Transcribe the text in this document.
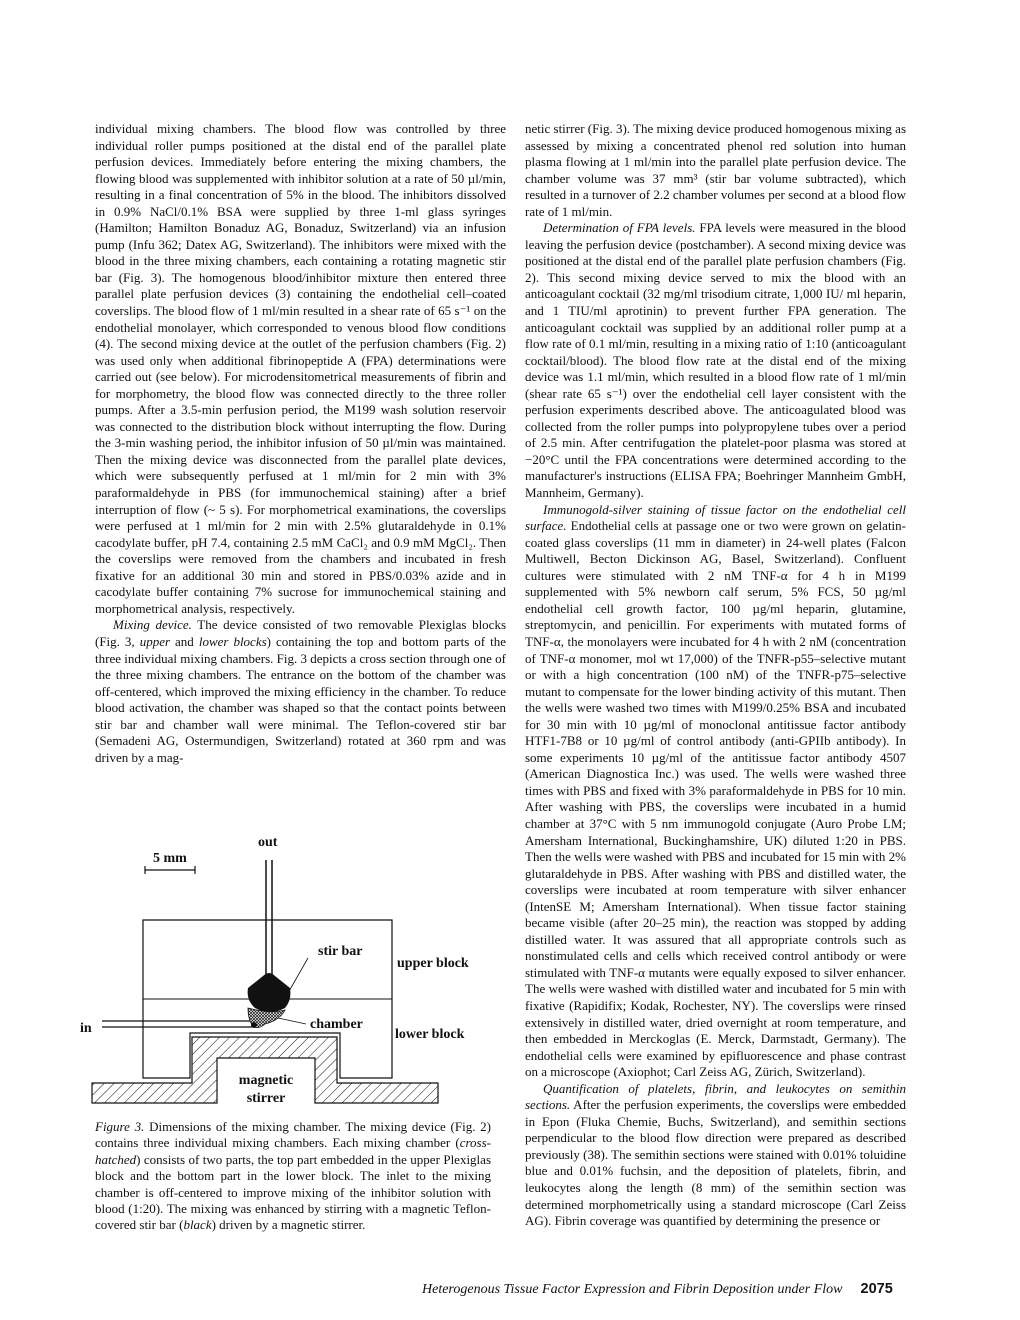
individual mixing chambers. The blood flow was controlled by three individual roller pumps positioned at the distal end of the parallel plate perfusion devices. Immediately before entering the mixing chambers, the flowing blood was supplemented with inhibitor solution at a rate of 50 µl/min, resulting in a final concentration of 5% in the blood. The inhibitors dissolved in 0.9% NaCl/0.1% BSA were supplied by three 1-ml glass syringes (Hamilton; Hamilton Bonaduz AG, Bonaduz, Switzerland) via an infusion pump (Infu 362; Datex AG, Switzerland). The inhibitors were mixed with the blood in the three mixing chambers, each containing a rotating magnetic stir bar (Fig. 3). The homogenous blood/inhibitor mixture then entered three parallel plate perfusion devices (3) containing the endothelial cell–coated coverslips. The blood flow of 1 ml/min resulted in a shear rate of 65 s⁻¹ on the endothelial monolayer, which corresponded to venous blood flow conditions (4). The second mixing device at the outlet of the perfusion chambers (Fig. 2) was used only when additional fibrinopeptide A (FPA) determinations were carried out (see below). For microdensitometrical measurements of fibrin and for morphometry, the blood flow was connected directly to the three roller pumps. After a 3.5-min perfusion period, the M199 wash solution reservoir was connected to the distribution block without interrupting the flow. During the 3-min washing period, the inhibitor infusion of 50 µl/min was maintained. Then the mixing device was disconnected from the parallel plate devices, which were subsequently perfused at 1 ml/min for 2 min with 3% paraformaldehyde in PBS (for immunochemical staining) after a brief interruption of flow (~ 5 s). For morphometrical examinations, the coverslips were perfused at 1 ml/min for 2 min with 2.5% glutaraldehyde in 0.1% cacodylate buffer, pH 7.4, containing 2.5 mM CaCl₂ and 0.9 mM MgCl₂. Then the coverslips were removed from the chambers and incubated in fresh fixative for an additional 30 min and stored in PBS/0.03% azide and in cacodylate buffer containing 7% sucrose for immunochemical staining and morphometrical analysis, respectively.

Mixing device. The device consisted of two removable Plexiglas blocks (Fig. 3, upper and lower blocks) containing the top and bottom parts of the three individual mixing chambers. Fig. 3 depicts a cross section through one of the three mixing chambers. The entrance on the bottom of the chamber was off-centered, which improved the mixing efficiency in the chamber. To reduce blood activation, the chamber was shaped so that the contact points between stir bar and chamber wall were minimal. The Teflon-covered stir bar (Semadeni AG, Ostermundigen, Switzerland) rotated at 360 rpm and was driven by a mag-

5 mm
out
in
stir bar
upper block
chamber
lower block
magnetic
stirrer
Figure 3. Dimensions of the mixing chamber. The mixing device (Fig. 2) contains three individual mixing chambers. Each mixing chamber (cross-hatched) consists of two parts, the top part embedded in the upper Plexiglas block and the bottom part in the lower block. The inlet to the mixing chamber is off-centered to improve mixing of the inhibitor solution with blood (1:20). The mixing was enhanced by stirring with a magnetic Teflon-covered stir bar (black) driven by a magnetic stirrer.

netic stirrer (Fig. 3). The mixing device produced homogenous mixing as assessed by mixing a concentrated phenol red solution into human plasma flowing at 1 ml/min into the parallel plate perfusion device. The chamber volume was 37 mm³ (stir bar volume subtracted), which resulted in a turnover of 2.2 chamber volumes per second at a blood flow rate of 1 ml/min.

Determination of FPA levels. FPA levels were measured in the blood leaving the perfusion device (postchamber). A second mixing device was positioned at the distal end of the parallel plate perfusion chambers (Fig. 2). This second mixing device served to mix the blood with an anticoagulant cocktail (32 mg/ml trisodium citrate, 1,000 IU/ ml heparin, and 1 TIU/ml aprotinin) to prevent further FPA generation. The anticoagulant cocktail was supplied by an additional roller pump at a flow rate of 0.1 ml/min, resulting in a mixing ratio of 1:10 (anticoagulant cocktail/blood). The blood flow rate at the distal end of the mixing device was 1.1 ml/min, which resulted in a blood flow rate of 1 ml/min (shear rate 65 s⁻¹) over the endothelial cell layer consistent with the perfusion experiments described above. The anticoagulated blood was collected from the roller pumps into polypropylene tubes over a period of 2.5 min. After centrifugation the platelet-poor plasma was stored at −20°C until the FPA concentrations were determined according to the manufacturer's instructions (ELISA FPA; Boehringer Mannheim GmbH, Mannheim, Germany).

Immunogold-silver staining of tissue factor on the endothelial cell surface. Endothelial cells at passage one or two were grown on gelatin-coated glass coverslips (11 mm in diameter) in 24-well plates (Falcon Multiwell, Becton Dickinson AG, Basel, Switzerland). Confluent cultures were stimulated with 2 nM TNF-α for 4 h in M199 supplemented with 5% newborn calf serum, 5% FCS, 50 µg/ml endothelial cell growth factor, 100 µg/ml heparin, glutamine, streptomycin, and penicillin. For experiments with mutated forms of TNF-α, the monolayers were incubated for 4 h with 2 nM (concentration of TNF-α monomer, mol wt 17,000) of the TNFR-p55–selective mutant or with a high concentration (100 nM) of the TNFR-p75–selective mutant to compensate for the lower binding activity of this mutant. Then the wells were washed two times with M199/0.25% BSA and incubated for 30 min with 10 µg/ml of monoclonal antitissue factor antibody HTF1-7B8 or 10 µg/ml of control antibody (anti-GPIIb antibody). In some experiments 10 µg/ml of the antitissue factor antibody 4507 (American Diagnostica Inc.) was used. The wells were washed three times with PBS and fixed with 3% paraformaldehyde in PBS for 10 min. After washing with PBS, the coverslips were incubated in a humid chamber at 37°C with 5 nm immunogold conjugate (Auro Probe LM; Amersham International, Buckinghamshire, UK) diluted 1:20 in PBS. Then the wells were washed with PBS and incubated for 15 min with 2% glutaraldehyde in PBS. After washing with PBS and distilled water, the coverslips were incubated at room temperature with silver enhancer (IntenSE M; Amersham International). When tissue factor staining became visible (after 20–25 min), the reaction was stopped by adding distilled water. It was assured that all appropriate controls such as nonstimulated cells and cells which received control antibody or were stimulated with TNF-α mutants were equally exposed to silver enhancer. The wells were washed with distilled water and incubated for 5 min with fixative (Rapidifix; Kodak, Rochester, NY). The coverslips were rinsed extensively in distilled water, dried overnight at room temperature, and then embedded in Merckoglas (E. Merck, Darmstadt, Germany). The endothelial cells were examined by epifluorescence and phase contrast on a microscope (Axiophot; Carl Zeiss AG, Zürich, Switzerland).

Quantification of platelets, fibrin, and leukocytes on semithin sections. After the perfusion experiments, the coverslips were embedded in Epon (Fluka Chemie, Buchs, Switzerland), and semithin sections perpendicular to the blood flow direction were prepared as described previously (38). The semithin sections were stained with 0.01% toluidine blue and 0.01% fuchsin, and the deposition of platelets, fibrin, and leukocytes along the length (8 mm) of the semithin section was determined morphometrically using a standard microscope (Carl Zeiss AG). Fibrin coverage was quantified by determining the presence or

Heterogenous Tissue Factor Expression and Fibrin Deposition under Flow 2075
